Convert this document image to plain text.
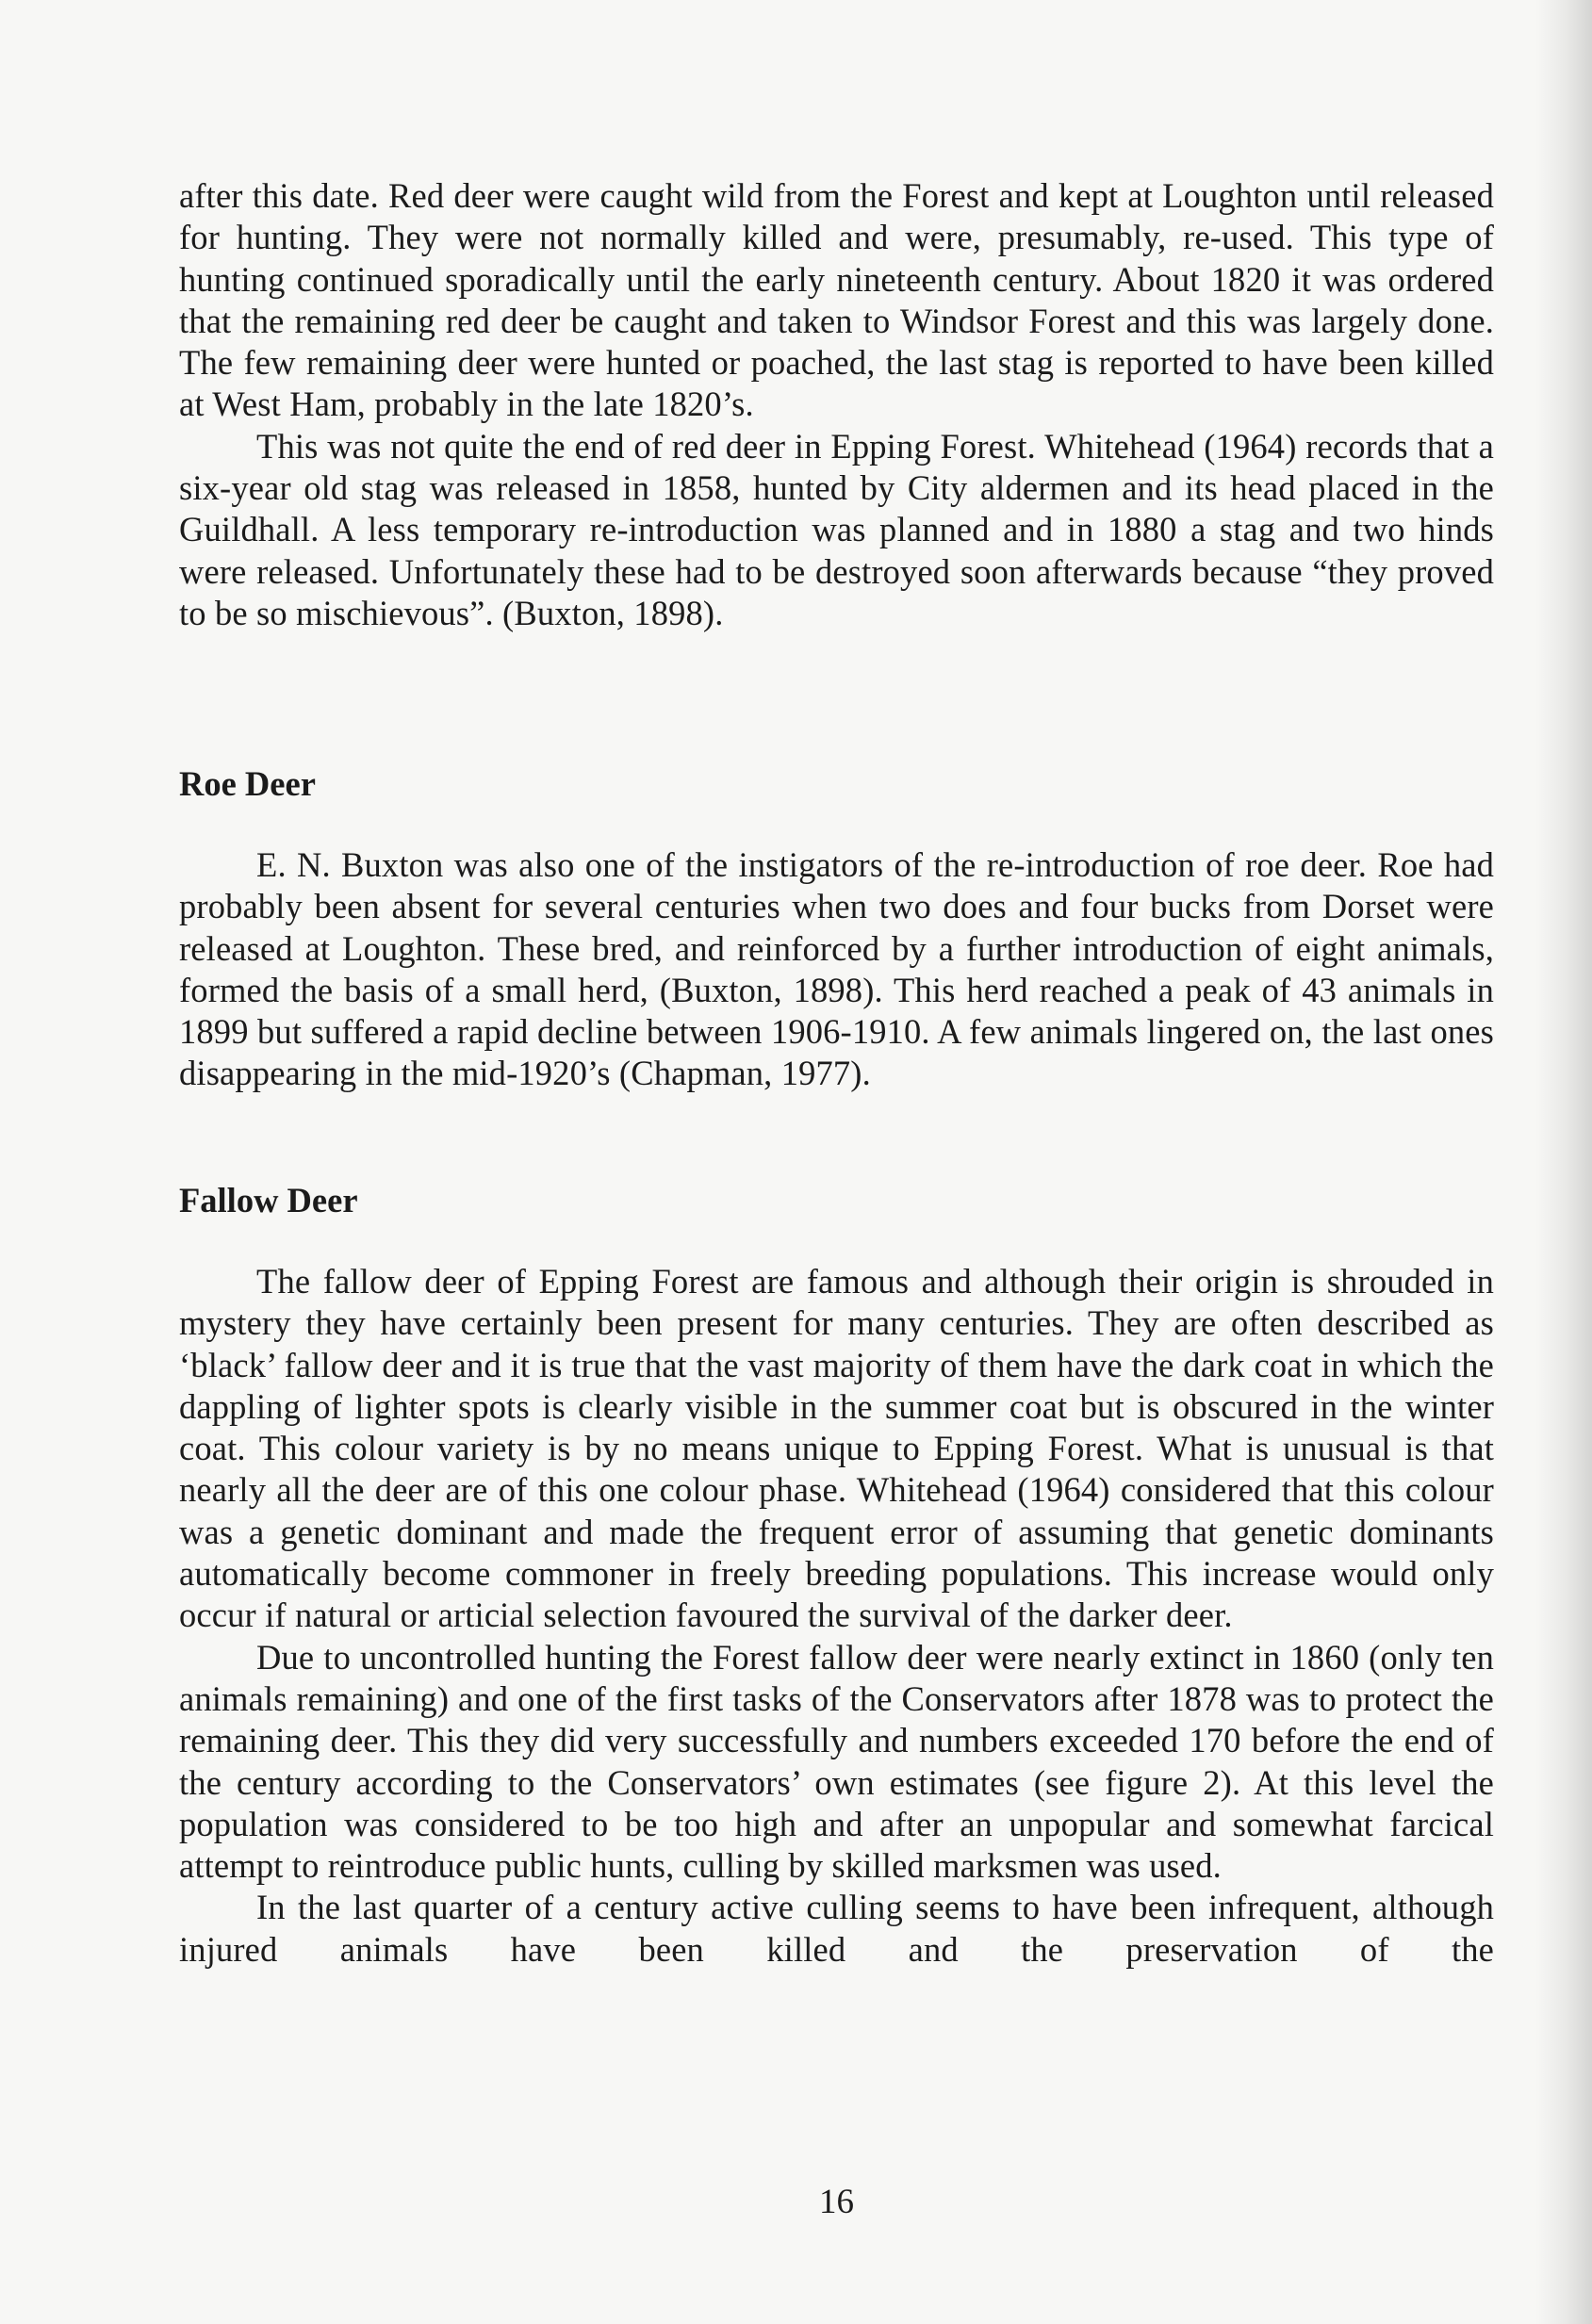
after this date. Red deer were caught wild from the Forest and kept at Loughton until released for hunting. They were not normally killed and were, presumably, re-used. This type of hunting continued sporadically until the early nineteenth century. About 1820 it was ordered that the remaining red deer be caught and taken to Windsor Forest and this was largely done. The few remaining deer were hunted or poached, the last stag is reported to have been killed at West Ham, probably in the late 1820’s.

This was not quite the end of red deer in Epping Forest. Whitehead (1964) records that a six-year old stag was released in 1858, hunted by City aldermen and its head placed in the Guildhall. A less temporary re-introduction was planned and in 1880 a stag and two hinds were released. Unfortunately these had to be destroyed soon afterwards because “they proved to be so mischievous”. (Buxton, 1898).

Roe Deer

E. N. Buxton was also one of the instigators of the re-introduction of roe deer. Roe had probably been absent for several centuries when two does and four bucks from Dorset were released at Loughton. These bred, and reinforced by a further introduction of eight animals, formed the basis of a small herd, (Buxton, 1898). This herd reached a peak of 43 animals in 1899 but suffered a rapid decline between 1906-1910. A few animals lingered on, the last ones disappearing in the mid-1920’s (Chapman, 1977).

Fallow Deer

The fallow deer of Epping Forest are famous and although their origin is shrouded in mystery they have certainly been present for many centuries. They are often described as ‘black’ fallow deer and it is true that the vast majority of them have the dark coat in which the dappling of lighter spots is clearly visible in the summer coat but is obscured in the winter coat. This colour variety is by no means unique to Epping Forest. What is unusual is that nearly all the deer are of this one colour phase. Whitehead (1964) considered that this colour was a genetic dominant and made the frequent error of assuming that genetic dominants automatically become commoner in freely breeding populations. This increase would only occur if natural or articial selection favoured the survival of the darker deer.

Due to uncontrolled hunting the Forest fallow deer were nearly extinct in 1860 (only ten animals remaining) and one of the first tasks of the Conservators after 1878 was to protect the remaining deer. This they did very successfully and numbers exceeded 170 before the end of the century according to the Conservators’ own estimates (see figure 2). At this level the population was considered to be too high and after an unpopular and somewhat farcical attempt to reintroduce public hunts, culling by skilled marksmen was used.

In the last quarter of a century active culling seems to have been infrequent, although injured animals have been killed and the preservation of the

16
